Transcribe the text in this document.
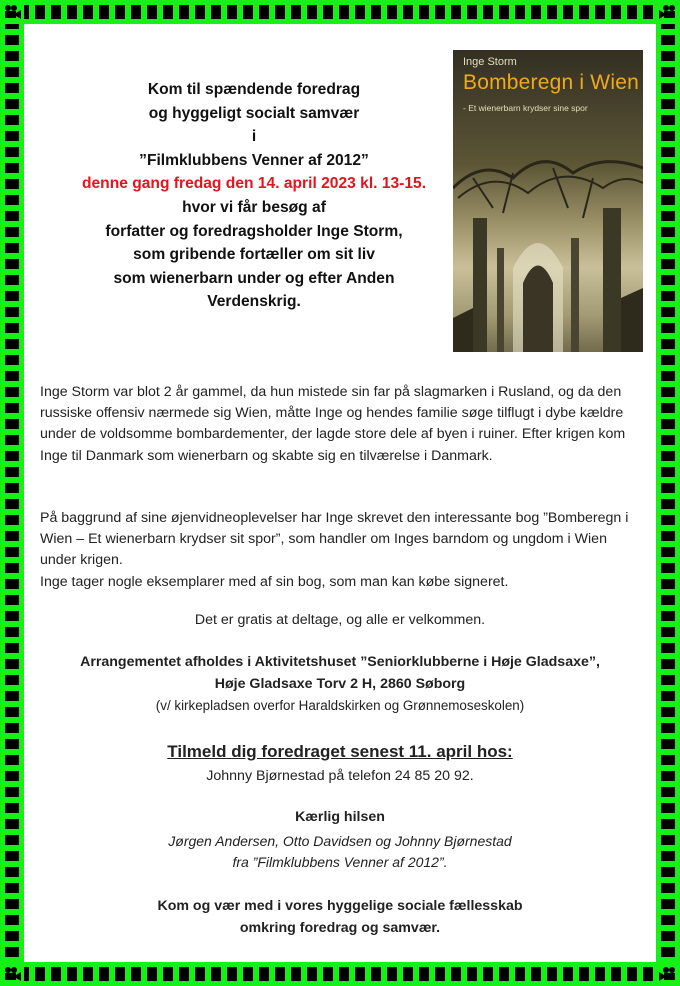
Kom til spændende foredrag
og hyggeligt socialt samvær
i
”Filmklubbens Venner af 2012”
denne gang fredag den 14. april 2023 kl. 13-15.
hvor vi får besøg af
forfatter og foredragsholder Inge Storm,
som gribende fortæller om sit liv
som wienerbarn under og efter Anden
Verdenskrig.
Inge Storm
Bomberegn i Wien
- Et wienerbarn krydser sine spor

Inge Storm var blot 2 år gammel, da hun mistede sin far på slagmarken i Rusland, og da den russiske offensiv nærmede sig Wien, måtte Inge og hendes familie søge tilflugt i dybe kældre under de voldsomme bombardementer, der lagde store dele af byen i ruiner. Efter krigen kom Inge til Danmark som wienerbarn og skabte sig en tilværelse i Danmark.

På baggrund af sine øjenvidneoplevelser har Inge skrevet den interessante bog ”Bomberegn i Wien – Et wienerbarn krydser sit spor”, som handler om Inges barndom og ungdom i Wien under krigen.

Inge tager nogle eksemplarer med af sin bog, som man kan købe signeret.

Det er gratis at deltage, og alle er velkommen.
Arrangementet afholdes i Aktivitetshuset ”Seniorklubberne i Høje Gladsaxe”,
Høje Gladsaxe Torv 2 H, 2860 Søborg
(v/ kirkepladsen overfor Haraldskirken og Grønnemoseskolen)
Tilmeld dig foredraget senest 11. april hos:
Johnny Bjørnestad på telefon 24 85 20 92.
Kærlig hilsen
Jørgen Andersen, Otto Davidsen og Johnny Bjørnestad
fra ”Filmklubbens Venner af 2012”.
Kom og vær med i vores hyggelige sociale fællesskab
omkring foredrag og samvær.
